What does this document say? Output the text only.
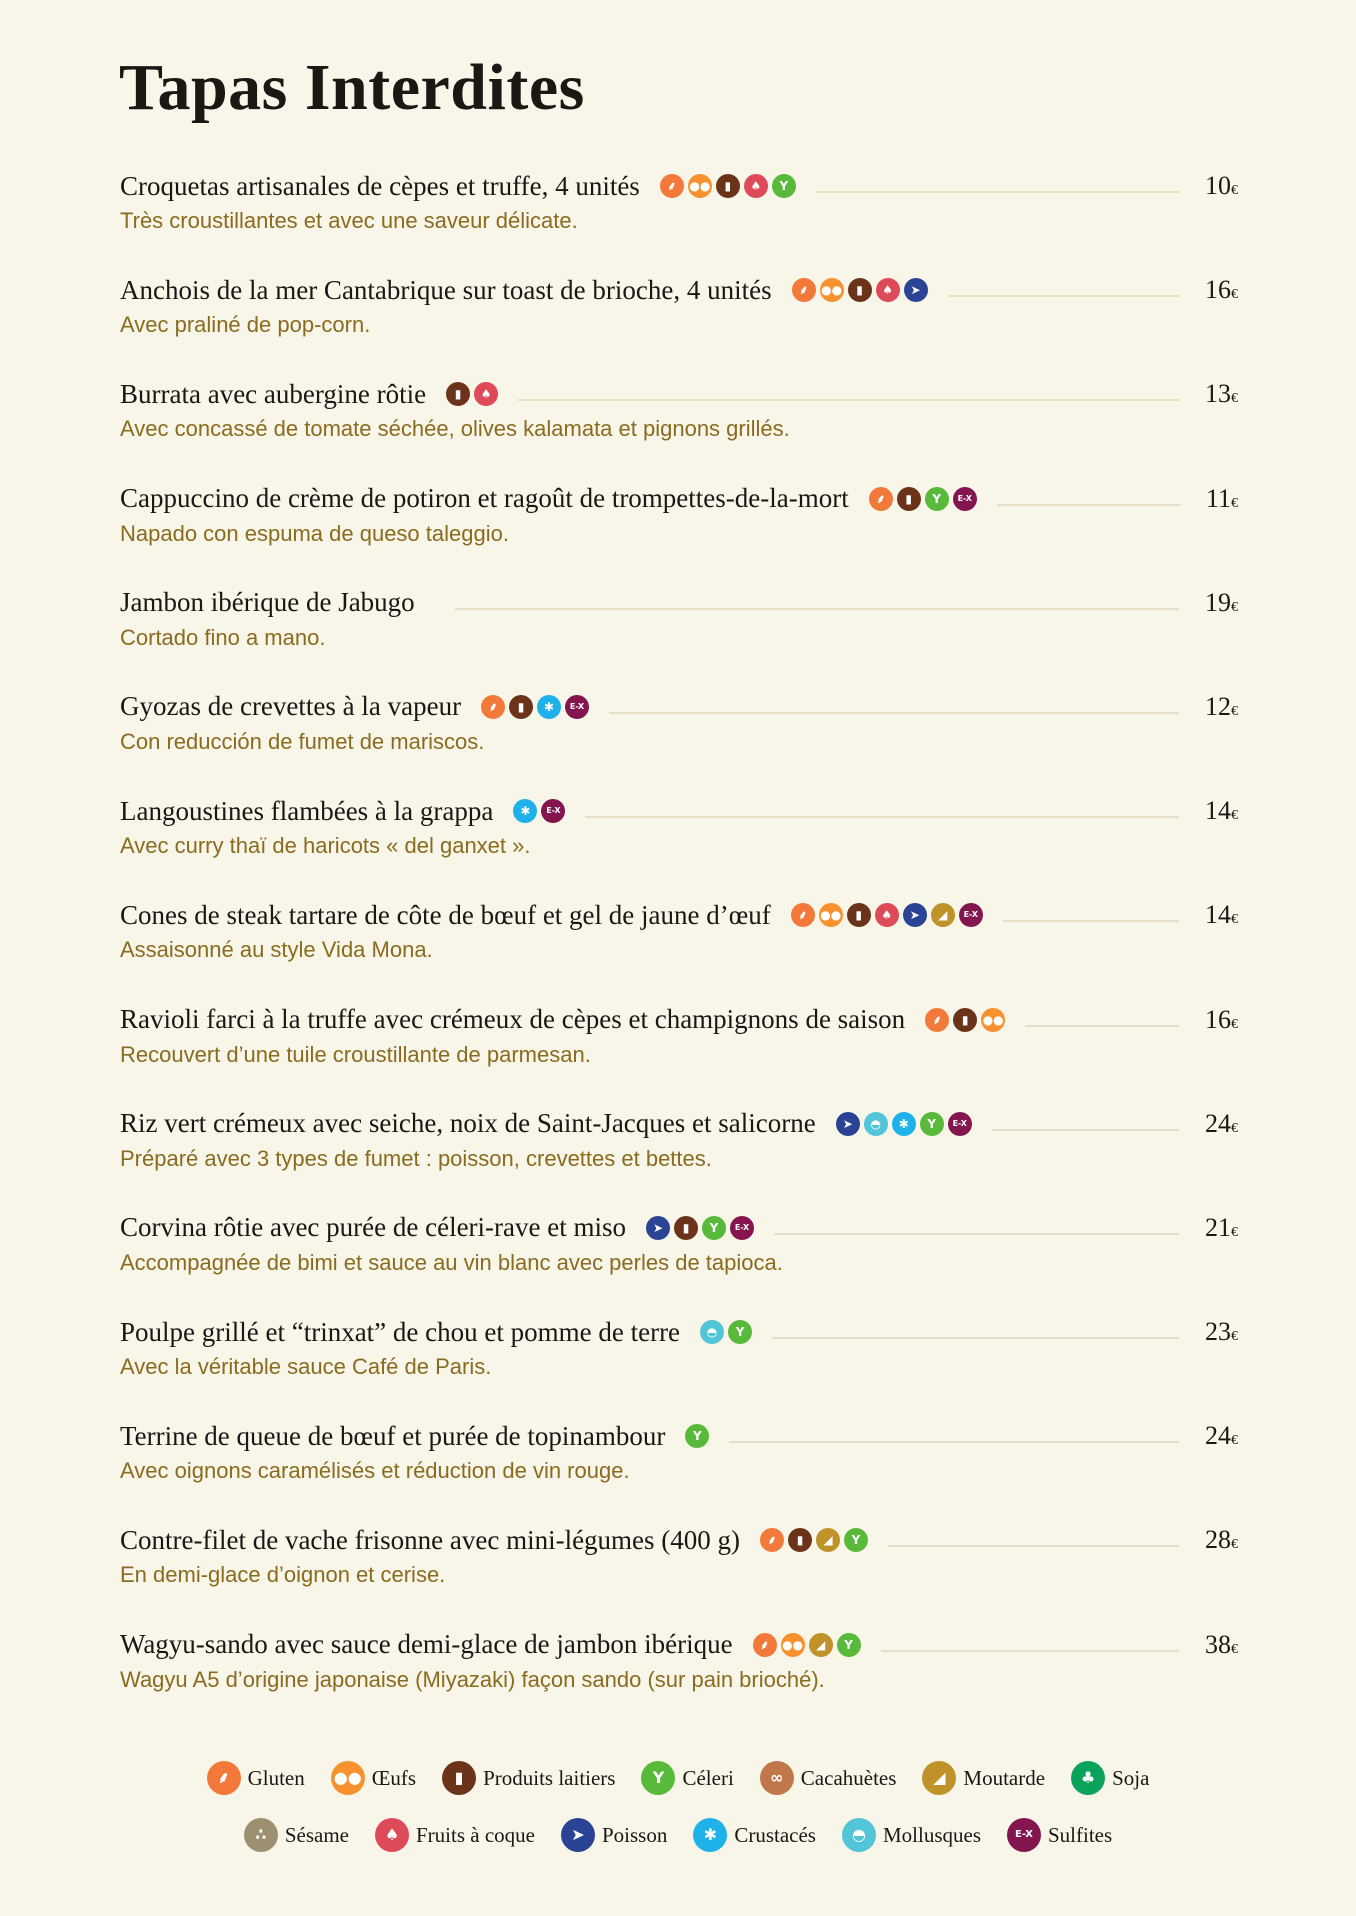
Tapas Interdites
Croquetas artisanales de cèpes et truffe, 4 unités	⸙	●●	▮	♠	Y	10€
Très croustillantes et avec une saveur délicate.
Anchois de la mer Cantabrique sur toast de brioche, 4 unités	⸙	●●	▮	♠	➤	16€
Avec praliné de pop-corn.
Burrata avec aubergine rôtie	▮	♠	13€
Avec concassé de tomate séchée, olives kalamata et pignons grillés.
Cappuccino de crème de potiron et ragoût de trompettes-de-la-mort	⸙	▮	Y	E-X	11€
Napado con espuma de queso taleggio.
Jambon ibérique de Jabugo	19€
Cortado fino a mano.
Gyozas de crevettes à la vapeur	⸙	▮	✱	E-X	12€
Con reducción de fumet de mariscos.
Langoustines flambées à la grappa	✱	E-X	14€
Avec curry thaï de haricots « del ganxet ».
Cones de steak tartare de côte de bœuf et gel de jaune d’œuf	⸙	●●	▮	♠	➤	◢	E-X	14€
Assaisonné au style Vida Mona.
Ravioli farci à la truffe avec crémeux de cèpes et champignons de saison	⸙	▮	●●	16€
Recouvert d’une tuile croustillante de parmesan.
Riz vert crémeux avec seiche, noix de Saint-Jacques et salicorne	➤	◓	✱	Y	E-X	24€
Préparé avec 3 types de fumet : poisson, crevettes et bettes.
Corvina rôtie avec purée de céleri-rave et miso	➤	▮	Y	E-X	21€
Accompagnée de bimi et sauce au vin blanc avec perles de tapioca.
Poulpe grillé et “trinxat” de chou et pomme de terre	◓	Y	23€
Avec la véritable sauce Café de Paris.
Terrine de queue de bœuf et purée de topinambour	Y	24€
Avec oignons caramélisés et réduction de vin rouge.
Contre-filet de vache frisonne avec mini-légumes (400 g)	⸙	▮	◢	Y	28€
En demi-glace d’oignon et cerise.
Wagyu-sando avec sauce demi-glace de jambon ibérique	⸙	●●	◢	Y	38€
Wagyu A5 d’origine japonaise (Miyazaki) façon sando (sur pain brioché).
⸙ Gluten ●● Œufs	▮ Produits laitiers	Y Céleri	∞ Cacahuètes	◢ Moutarde	♣ Soja
∴ Sésame	♠ Fruits à coque	➤ Poisson	✱ Crustacés	◓ Mollusques	E-X Sulfites
